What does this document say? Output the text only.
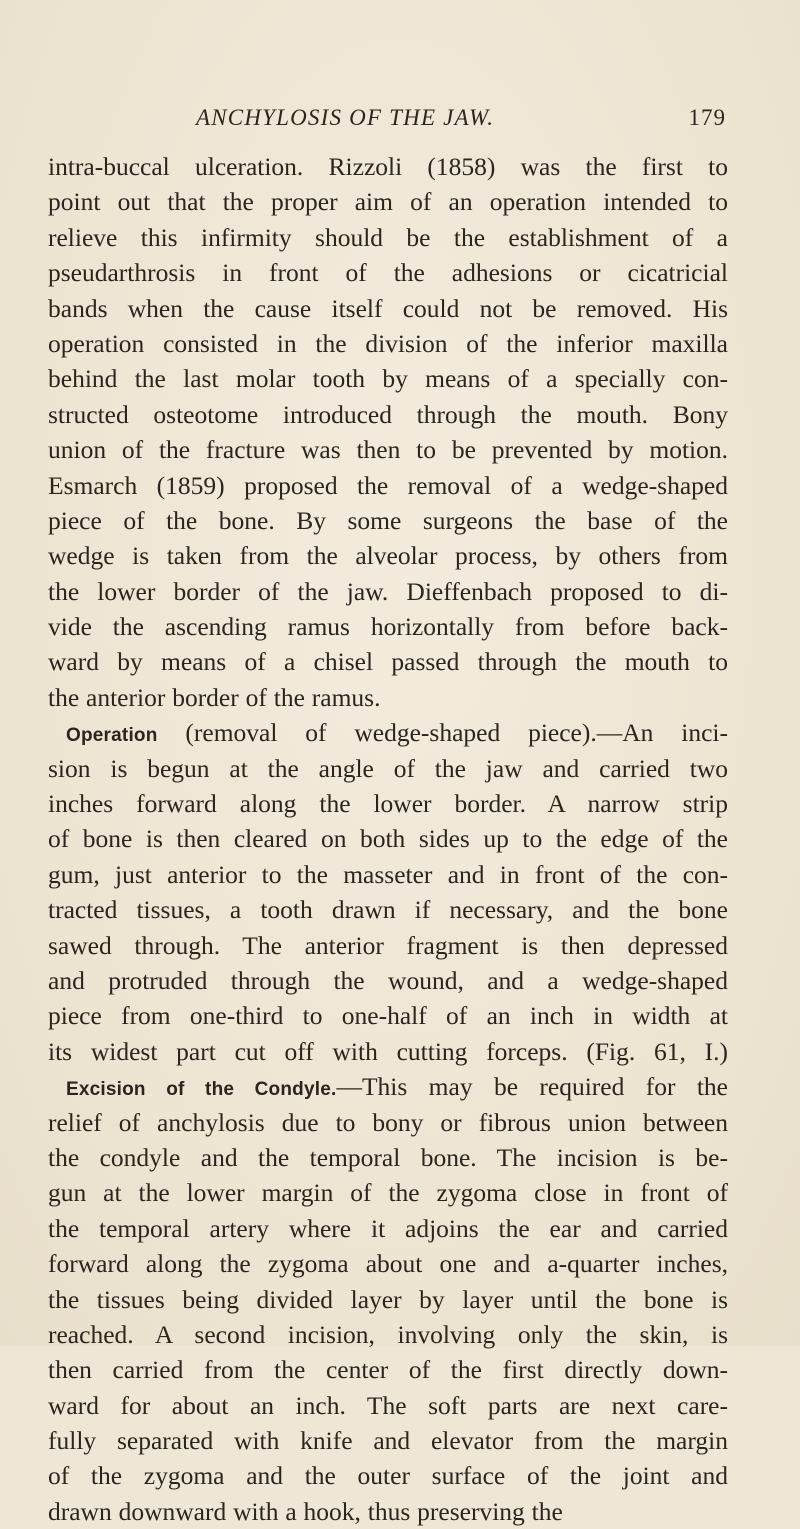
ANCHYLOSIS OF THE JAW.	179
intra-buccal ulceration. Rizzoli (1858) was the first to
point out that the proper aim of an operation intended to
relieve this infirmity should be the establishment of a
pseudarthrosis in front of the adhesions or cicatricial
bands when the cause itself could not be removed. His
operation consisted in the division of the inferior maxilla
behind the last molar tooth by means of a specially con-
structed osteotome introduced through the mouth. Bony
union of the fracture was then to be prevented by motion.
Esmarch (1859) proposed the removal of a wedge-shaped
piece of the bone. By some surgeons the base of the
wedge is taken from the alveolar process, by others from
the lower border of the jaw. Dieffenbach proposed to di-
vide the ascending ramus horizontally from before back-
ward by means of a chisel passed through the mouth to
the anterior border of the ramus.
Operation (removal of wedge-shaped piece).—An inci-
sion is begun at the angle of the jaw and carried two
inches forward along the lower border. A narrow strip
of bone is then cleared on both sides up to the edge of the
gum, just anterior to the masseter and in front of the con-
tracted tissues, a tooth drawn if necessary, and the bone
sawed through. The anterior fragment is then depressed
and protruded through the wound, and a wedge-shaped
piece from one-third to one-half of an inch in width at
its widest part cut off with cutting forceps. (Fig. 61, I.)
Excision of the Condyle.—This may be required for the
relief of anchylosis due to bony or fibrous union between
the condyle and the temporal bone. The incision is be-
gun at the lower margin of the zygoma close in front of
the temporal artery where it adjoins the ear and carried
forward along the zygoma about one and a-quarter inches,
the tissues being divided layer by layer until the bone is
reached. A second incision, involving only the skin, is
then carried from the center of the first directly down-
ward for about an inch. The soft parts are next care-
fully separated with knife and elevator from the margin
of the zygoma and the outer surface of the joint and
drawn downward with a hook, thus preserving the
